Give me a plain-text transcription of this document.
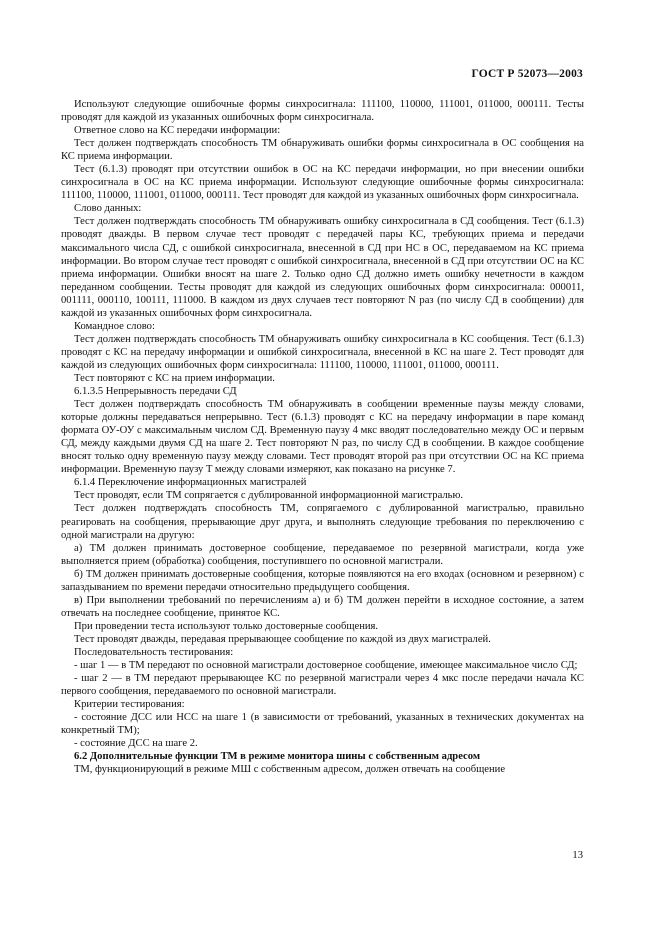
ГОСТ Р 52073—2003

Используют следующие ошибочные формы синхросигнала: 111100, 110000, 111001, 011000, 000111. Тесты проводят для каждой из указанных ошибочных форм синхросигнала.

Ответное слово на КС передачи информации:

Тест должен подтверждать способность ТМ обнаруживать ошибки формы синхросигнала в ОС сообщения на КС приема информации.

Тест (6.1.3) проводят при отсутствии ошибок в ОС на КС передачи информации, но при внесении ошибки синхросигнала в ОС на КС приема информации. Используют следующие ошибочные формы синхросигнала: 111100, 110000, 111001, 011000, 000111. Тест проводят для каждой из указанных ошибочных форм синхросигнала.

Слово данных:

Тест должен подтверждать способность ТМ обнаруживать ошибку синхросигнала в СД сообщения. Тест (6.1.3) проводят дважды. В первом случае тест проводят с передачей пары КС, требующих приема и передачи максимального числа СД, с ошибкой синхросигнала, внесенной в СД при НС в ОС, передаваемом на КС приема информации. Во втором случае тест проводят с ошибкой синхросигнала, внесенной в СД при отсутствии ОС на КС приема информации. Ошибки вносят на шаге 2. Только одно СД должно иметь ошибку нечетности в каждом переданном сообщении. Тесты проводят для каждой из следующих ошибочных форм синхросигнала: 000011, 001111, 000110, 100111, 111000. В каждом из двух случаев тест повторяют N раз (по числу СД в сообщении) для каждой из указанных ошибочных форм синхросигнала.

Командное слово:

Тест должен подтверждать способность ТМ обнаруживать ошибку синхросигнала в КС сообщения. Тест (6.1.3) проводят с КС на передачу информации и ошибкой синхросигнала, внесенной в КС на шаге 2. Тест проводят для каждой из следующих ошибочных форм синхросигнала: 111100, 110000, 111001, 011000, 000111.

Тест повторяют с КС на прием информации.

6.1.3.5 Непрерывность передачи СД

Тест должен подтверждать способность ТМ обнаруживать в сообщении временные паузы между словами, которые должны передаваться непрерывно. Тест (6.1.3) проводят с КС на передачу информации в паре команд формата ОУ-ОУ с максимальным числом СД. Временную паузу 4 мкс вводят последовательно между ОС и первым СД, между каждыми двумя СД на шаге 2. Тест повторяют N раз, по числу СД в сообщении. В каждое сообщение вносят только одну временную паузу между словами. Тест проводят второй раз при отсутствии ОС на КС приема информации. Временную паузу T между словами измеряют, как показано на рисунке 7.

6.1.4 Переключение информационных магистралей

Тест проводят, если ТМ сопрягается с дублированной информационной магистралью.

Тест должен подтверждать способность ТМ, сопрягаемого с дублированной магистралью, правильно реагировать на сообщения, прерывающие друг друга, и выполнять следующие требования по переключению с одной магистрали на другую:

а) ТМ должен принимать достоверное сообщение, передаваемое по резервной магистрали, когда уже выполняется прием (обработка) сообщения, поступившего по основной магистрали.

б) ТМ должен принимать достоверные сообщения, которые появляются на его входах (основном и резервном) с запаздыванием по времени передачи относительно предыдущего сообщения.

в) При выполнении требований по перечислениям а) и б) ТМ должен перейти в исходное состояние, а затем отвечать на последнее сообщение, принятое КС.

При проведении теста используют только достоверные сообщения.

Тест проводят дважды, передавая прерывающее сообщение по каждой из двух магистралей.

Последовательность тестирования:

- шаг 1 — в ТМ передают по основной магистрали достоверное сообщение, имеющее максимальное число СД;

- шаг 2 — в ТМ передают прерывающее КС по резервной магистрали через 4 мкс после передачи начала КС первого сообщения, передаваемого по основной магистрали.

Критерии тестирования:

- состояние ДСС или НСС на шаге 1 (в зависимости от требований, указанных в технических документах на конкретный ТМ);

- состояние ДСС на шаге 2.

6.2 Дополнительные функции ТМ в режиме монитора шины с собственным адресом

ТМ, функционирующий в режиме МШ с собственным адресом, должен отвечать на сообщение

13
